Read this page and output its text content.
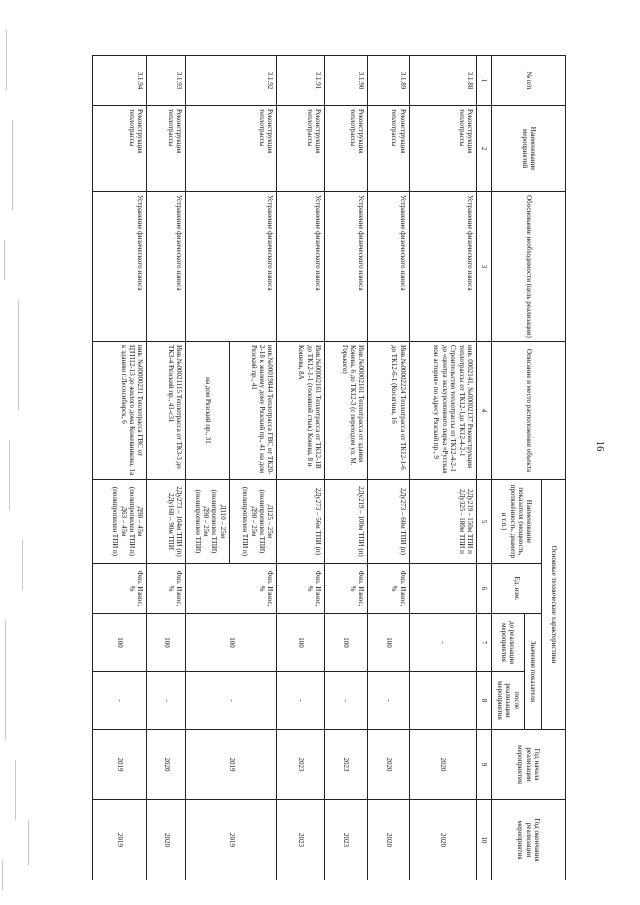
16
№ п/п	Наименование мероприятий	Обоснование необходимости (цель реализации)	Описание и место расположения объекта	Основные технические характеристики				Год начала реализации мероприятия	Год окончания реализации мероприятия
				Наименование показателя (мощность, протяжённость, диаметр и т.п.)	Ед. изм.	Значение показателя			
						до реализации мероприятия	после реализации мероприятия		
1	2	3	4	5	6	7	8	9	10
3.1.88	Реконструкция теплотрассы	Устранение физического износа	инв. 0002141, №00002137 Реконструкция теплотрассы от ТК12-1до ТК12-4-2-1 Строительство теплотрассы от ТК12-4-2-1 до «центра экскурсионного парка «Русская мон астория» по адресу Рязский пр., 9	2Ду219 - 150м ТПИ п 2Ду325 - 180м ТПИ п		-		2020	2020
3.1.89	Реконструкция теплотрассы	Устранение физического износа	Инв.№00002224 Теплотрасса от ТК12-1-6 до ТК12-6-1 (Косягина, 16	2Ду273 – 60м ТПИ (п)	Физ. Износ, %	100	-	2020	2020
3.1.90	Реконструкция теплотрассы	Устранение физического износа	Инв.№00002161 Теплотрасса от здания Конева, 6 до ТК12-3 (с переходом ул. М. Горького)	2Ду219 – 100м ТПИ (п)	Физ. Износ, %	100	-	2023	2023
3.1.91	Реконструкция теплотрассы	Устранение физического износа	Инв.№00002161 Теплотрасса от ТК12-1В до ТК12-1-1 (головной стык) Конева, 8 и Кошева, 8А	2Ду273 – 56м ТПИ (п)	Физ. Износ, %	100	-	2023	2023
3.1.92	Реконструкция теплотрассы	Устранение физического износа	инв.№00019844 Теплотрасса ГВС от ТК20-2-18 к жилому дому Рязский пр., 41 на дом Рязский пр., 41	Д125 – 25м (полипропилен ТПИ)
Д90 – 25м (полипропилен ТПИ п)	Физ. Износ, %	100	-	2019	2019
			на дом Рязский пр., 31	Д110 – 25м (полипропилен ТПИ)
Д90 – 25м (полипропилен ТПИ)					

3.1.93	Реконструкция теплотрассы	Устранение физического износа	Инв.№00021115 Теплотрасса от ТК3-3 до ТК3-4 Рязский пр., 41-с31	2Ду273 – 104м ТПИ (п) 2Ду168 – 90м ТПИ	Физ. Износ, %	100	-	2020	2020
3.1.94	Реконструкция теплотрассы	Устранение физического износа	инв. №00000231 Теплотрасса ГВС от ЦТП12-13 до жилого дома Кожевникова, 1а к зданию г.Лесосибирск, 6	Д90 – 45м (полипропилен ТПИ п)
Д63 – 45м (полипропилен ТПИ п)	Физ. Износ, %	100	-	2019	2019
